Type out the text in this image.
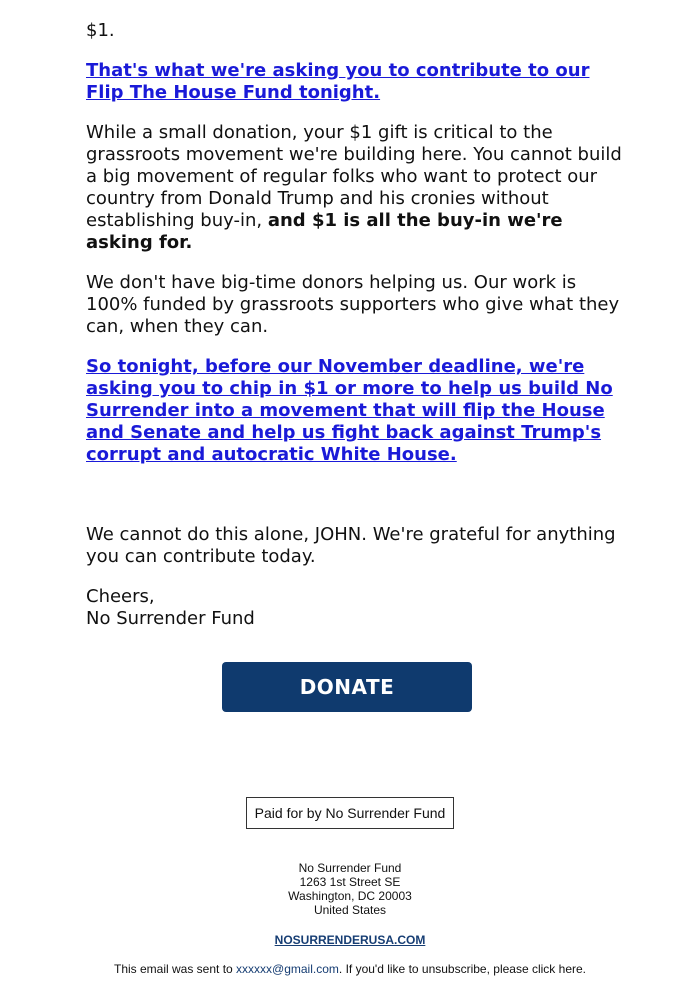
$1.

That's what we're asking you to contribute to our Flip The House Fund tonight.

While a small donation, your $1 gift is critical to the grassroots movement we're building here. You cannot build a big movement of regular folks who want to protect our country from Donald Trump and his cronies without establishing buy-in, and $1 is all the buy-in we're asking for.

We don't have big-time donors helping us. Our work is 100% funded by grassroots supporters who give what they can, when they can.

So tonight, before our November deadline, we're asking you to chip in $1 or more to help us build No Surrender into a movement that will flip the House and Senate and help us fight back against Trump's corrupt and autocratic White House.

We cannot do this alone, JOHN. We're grateful for anything you can contribute today.

Cheers,
No Surrender Fund

DONATE
Paid for by No Surrender Fund
No Surrender Fund
1263 1st Street SE
Washington, DC 20003
United States
NOSURRENDERUSA.COM
This email was sent to xxxxxx@gmail.com. If you'd like to unsubscribe, please click here.
